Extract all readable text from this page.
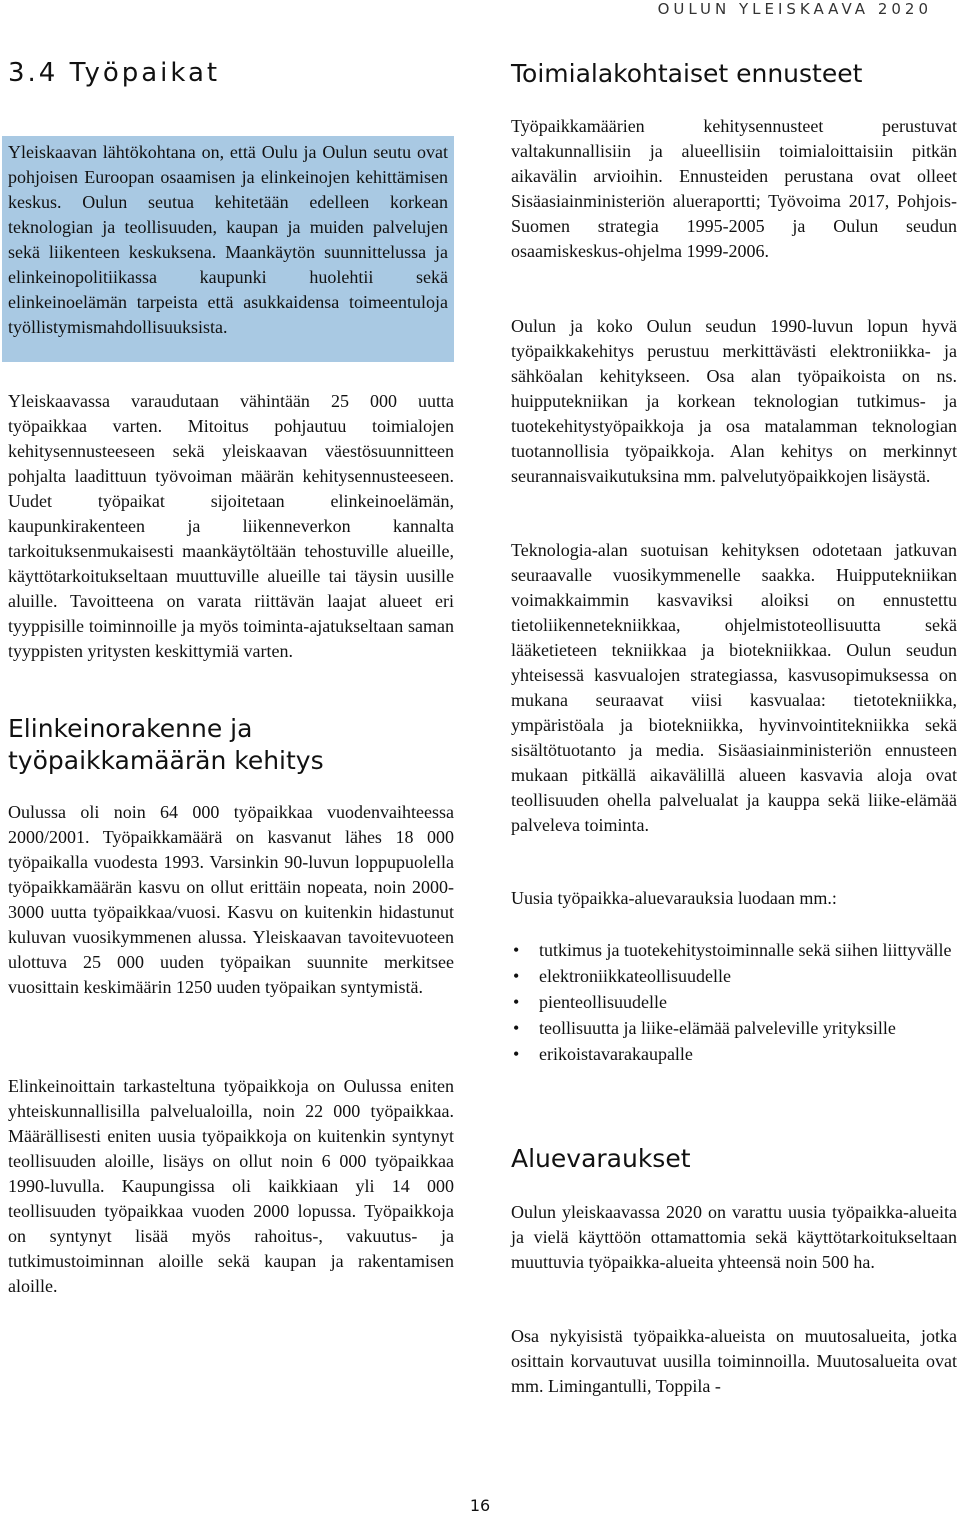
OULUN YLEISKAAVA 2020
3.4 Työpaikat

Yleiskaavan lähtökohtana on, että Oulu ja Oulun seutu ovat pohjoisen Euroopan osaamisen ja elinkeinojen kehittämisen keskus. Oulun seutua kehitetään edelleen korkean teknologian ja teollisuuden, kaupan ja muiden palvelujen sekä liikenteen keskuksena. Maankäytön suunnittelussa ja elinkeinopolitiikassa kaupunki huolehtii sekä elinkeinoelämän tarpeista että asukkaidensa toimeentuloja työllistymismahdollisuuksista.

Yleiskaavassa varaudutaan vähintään 25 000 uutta työpaikkaa varten. Mitoitus pohjautuu toimialojen kehitysennusteeseen sekä yleiskaavan väestösuunnitteen pohjalta laadittuun työvoiman määrän kehitysennusteeseen. Uudet työpaikat sijoitetaan elinkeinoelämän, kaupunkirakenteen ja liikenneverkon kannalta tarkoituksenmukaisesti maankäytöltään tehostuville alueille, käyttötarkoitukseltaan muuttuville alueille tai täysin uusille aluille. Tavoitteena on varata riittävän laajat alueet eri tyyppisille toiminnoille ja myös toiminta-ajatukseltaan saman tyyppisten yritysten keskittymiä varten.

Elinkeinorakenne ja työpaikkamäärän kehitys

Oulussa oli noin 64 000 työpaikkaa vuodenvaihteessa 2000/2001. Työpaikkamäärä on kasvanut lähes 18 000 työpaikalla vuodesta 1993. Varsinkin 90-luvun loppupuolella työpaikkamäärän kasvu on ollut erittäin nopeata, noin 2000-3000 uutta työpaikkaa/vuosi. Kasvu on kuitenkin hidastunut kuluvan vuosikymmenen alussa. Yleiskaavan tavoitevuoteen ulottuva 25 000 uuden työpaikan suunnite merkitsee vuosittain keskimäärin 1250 uuden työpaikan syntymistä.

Elinkeinoittain tarkasteltuna työpaikkoja on Oulussa eniten yhteiskunnallisilla palvelualoilla, noin 22 000 työpaikkaa. Määrällisesti eniten uusia työpaikkoja on kuitenkin syntynyt teollisuuden aloille, lisäys on ollut noin 6 000 työpaikkaa 1990-luvulla. Kaupungissa oli kaikkiaan yli 14 000 teollisuuden työpaikkaa vuoden 2000 lopussa. Työpaikkoja on syntynyt lisää myös rahoitus-, vakuutus- ja tutkimustoiminnan aloille sekä kaupan ja rakentamisen aloille.

Toimialakohtaiset ennusteet

Työpaikkamäärien kehitysennusteet perustuvat valtakunnallisiin ja alueellisiin toimialoittaisiin pitkän aikavälin arvioihin. Ennusteiden perustana ovat olleet Sisäasiainministeriön alueraportti; Työvoima 2017, Pohjois-Suomen strategia 1995-2005 ja Oulun seudun osaamiskeskus-ohjelma 1999-2006.

Oulun ja koko Oulun seudun 1990-luvun lopun hyvä työpaikkakehitys perustuu merkittävästi elektroniikka- ja sähköalan kehitykseen. Osa alan työpaikoista on ns. huipputekniikan ja korkean teknologian tutkimus- ja tuotekehitystyöpaikkoja ja osa matalamman teknologian tuotannollisia työpaikkoja. Alan kehitys on merkinnyt seurannaisvaikutuksina mm. palvelutyöpaikkojen lisäystä.

Teknologia-alan suotuisan kehityksen odotetaan jatkuvan seuraavalle vuosikymmenelle saakka. Huipputekniikan voimakkaimmin kasvaviksi aloiksi on ennustettu tietoliikennetekniikkaa, ohjelmistoteollisuutta sekä lääketieteen tekniikkaa ja biotekniikkaa. Oulun seudun yhteisessä kasvualojen strategiassa, kasvusopimuksessa on mukana seuraavat viisi kasvualaa: tietotekniikka, ympäristöala ja biotekniikka, hyvinvointitekniikka sekä sisältötuotanto ja media. Sisäasiainministeriön ennusteen mukaan pitkällä aikavälillä alueen kasvavia aloja ovat teollisuuden ohella palvelualat ja kauppa sekä liike-elämää palveleva toiminta.

Uusia työpaikka-aluevarauksia luodaan mm.:

• tutkimus ja tuotekehitystoiminnalle sekä siihen liittyvälle
• elektroniikkateollisuudelle
• pienteollisuudelle
• teollisuutta ja liike-elämää palveleville yrityksille
• erikoistavarakaupalle
Aluevaraukset

Oulun yleiskaavassa 2020 on varattu uusia työpaikka-alueita ja vielä käyttöön ottamattomia sekä käyttötarkoitukseltaan muuttuvia työpaikka-alueita yhteensä noin 500 ha.

Osa nykyisistä työpaikka-alueista on muutosalueita, jotka osittain korvautuvat uusilla toiminnoilla. Muutosalueita ovat mm. Limingantulli, Toppila -

16
